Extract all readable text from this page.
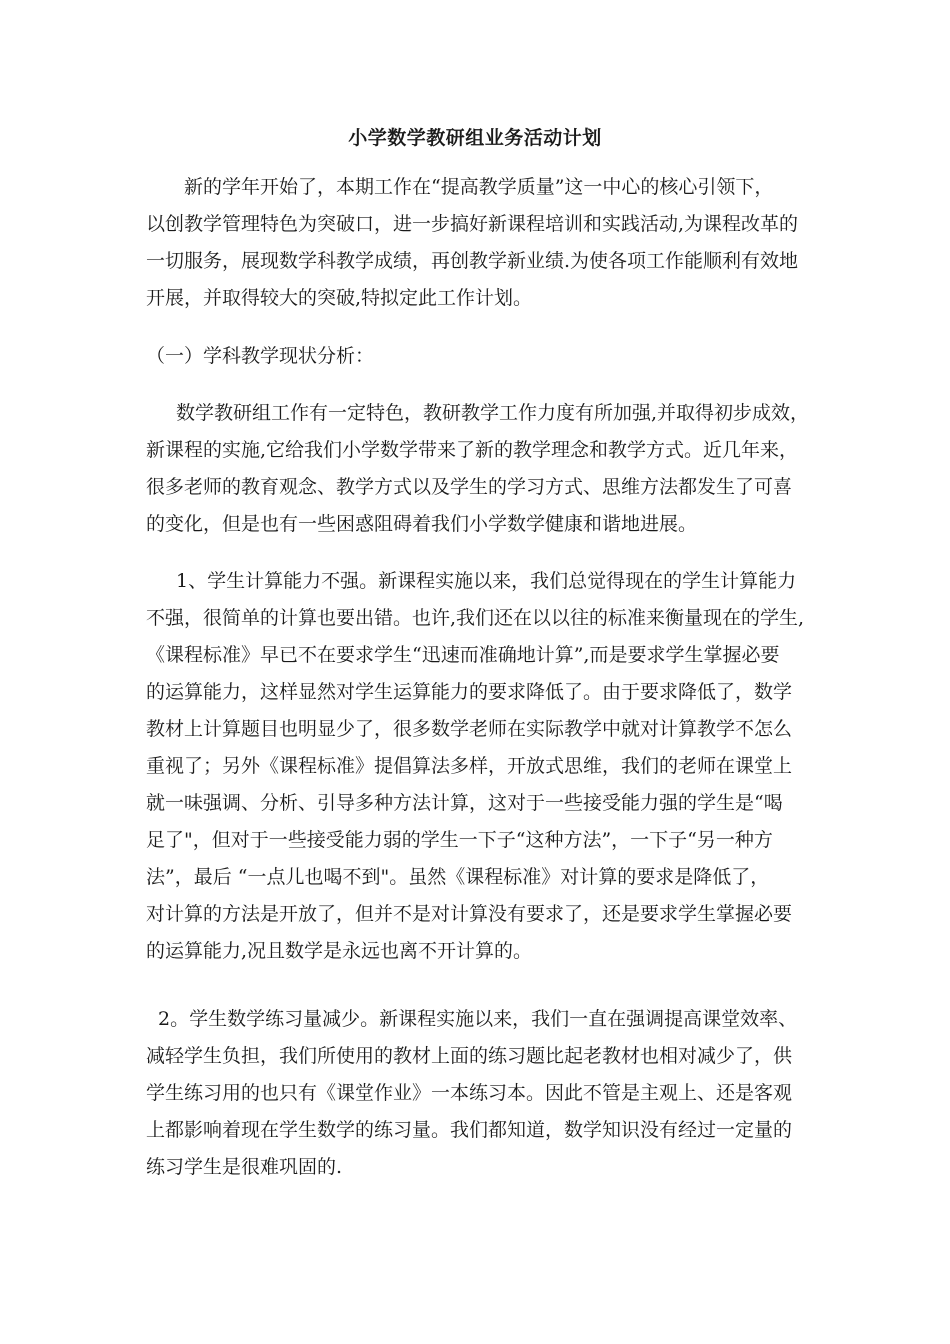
小学数学教研组业务活动计划
新的学年开始了，本期工作在“提高教学质量”这一中心的核心引领下，
以创教学管理特色为突破口，进一步搞好新课程培训和实践活动,为课程改革的
一切服务，展现数学科教学成绩，再创教学新业绩.为使各项工作能顺利有效地
开展，并取得较大的突破,特拟定此工作计划。
（一）学科教学现状分析：
数学教研组工作有一定特色，教研教学工作力度有所加强,并取得初步成效，
新课程的实施,它给我们小学数学带来了新的教学理念和教学方式。近几年来，
很多老师的教育观念、教学方式以及学生的学习方式、思维方法都发生了可喜
的变化，但是也有一些困惑阻碍着我们小学数学健康和谐地进展。
1、学生计算能力不强。新课程实施以来，我们总觉得现在的学生计算能力
不强，很简单的计算也要出错。也许,我们还在以以往的标准来衡量现在的学生,
《课程标准》早已不在要求学生“迅速而准确地计算”,而是要求学生掌握必要
的运算能力，这样显然对学生运算能力的要求降低了。由于要求降低了，数学
教材上计算题目也明显少了，很多数学老师在实际教学中就对计算教学不怎么
重视了；另外《课程标准》提倡算法多样，开放式思维，我们的老师在课堂上
就一味强调、分析、引导多种方法计算，这对于一些接受能力强的学生是“喝
足了"，但对于一些接受能力弱的学生一下子“这种方法”，一下子“另一种方
法”，最后 “一点儿也喝不到"。虽然《课程标准》对计算的要求是降低了，
对计算的方法是开放了，但并不是对计算没有要求了，还是要求学生掌握必要
的运算能力,况且数学是永远也离不开计算的。
2。学生数学练习量减少。新课程实施以来，我们一直在强调提高课堂效率、
减轻学生负担，我们所使用的教材上面的练习题比起老教材也相对减少了，供
学生练习用的也只有《课堂作业》一本练习本。因此不管是主观上、还是客观
上都影响着现在学生数学的练习量。我们都知道，数学知识没有经过一定量的
练习学生是很难巩固的.
